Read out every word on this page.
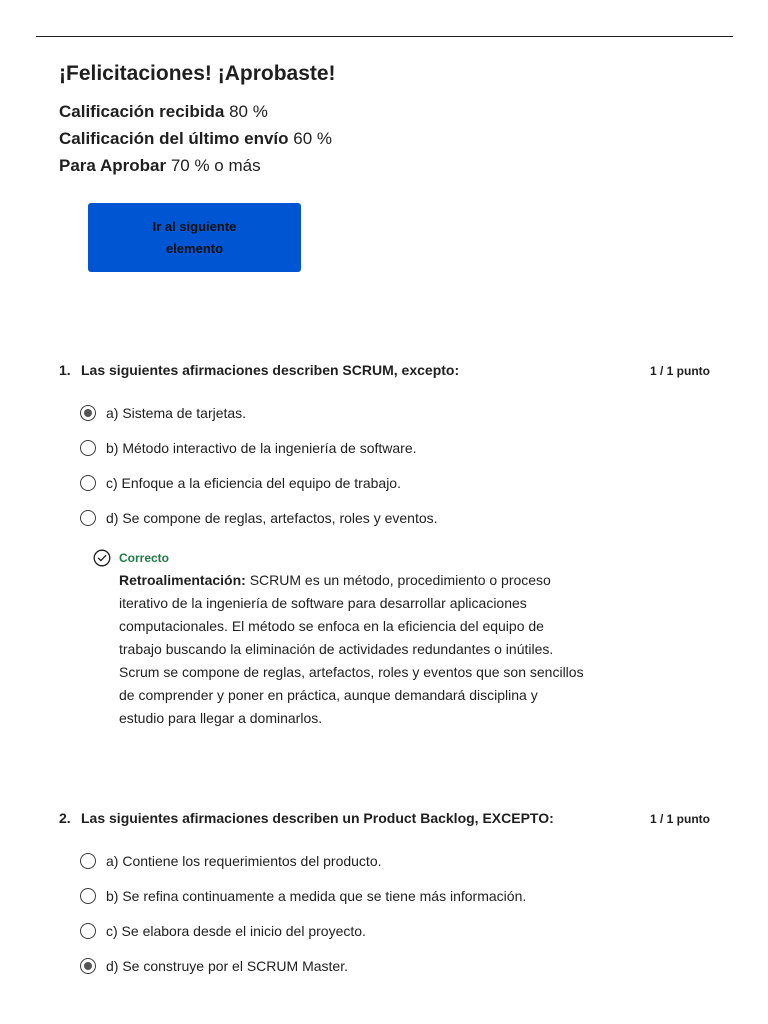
¡Felicitaciones! ¡Aprobaste!
Calificación recibida 80 %
Calificación del último envío 60 %
Para Aprobar 70 % o más
Ir al siguiente elemento
1. Las siguientes afirmaciones describen SCRUM, excepto:	1 / 1 punto
a) Sistema de tarjetas.
b) Método interactivo de la ingeniería de software.
c) Enfoque a la eficiencia del equipo de trabajo.
d) Se compone de reglas, artefactos, roles y eventos.
Correcto
Retroalimentación: SCRUM es un método, procedimiento o proceso iterativo de la ingeniería de software para desarrollar aplicaciones computacionales. El método se enfoca en la eficiencia del equipo de trabajo buscando la eliminación de actividades redundantes o inútiles. Scrum se compone de reglas, artefactos, roles y eventos que son sencillos de comprender y poner en práctica, aunque demandará disciplina y estudio para llegar a dominarlos.
2. Las siguientes afirmaciones describen un Product Backlog, EXCEPTO:	1 / 1 punto
a) Contiene los requerimientos del producto.
b) Se refina continuamente a medida que se tiene más información.
c) Se elabora desde el inicio del proyecto.
d) Se construye por el SCRUM Master.
